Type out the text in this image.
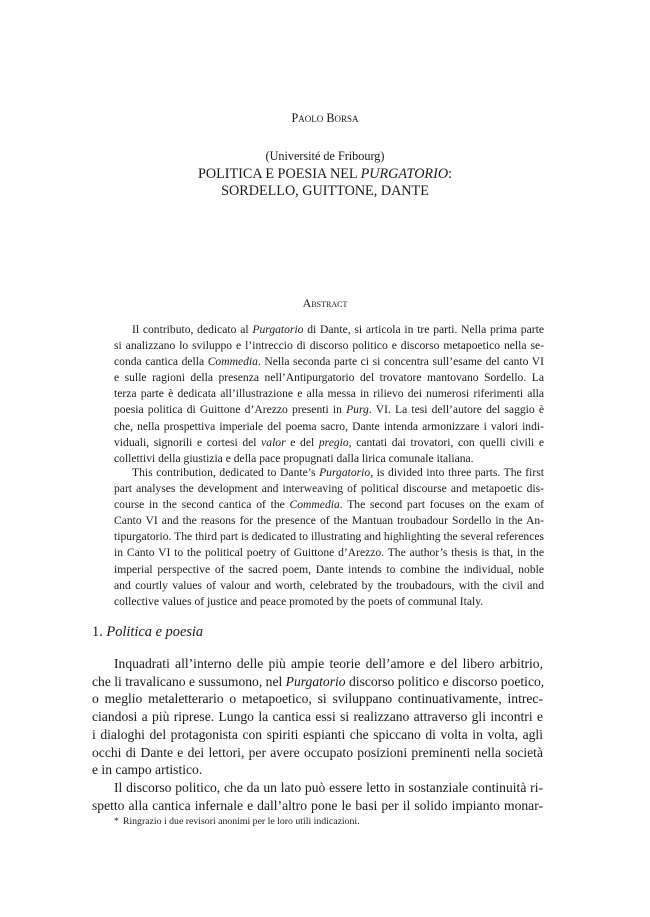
Paolo Borsa
(Université de Fribourg)
POLITICA E POESIA NEL PURGATORIO:
SORDELLO, GUITTONE, DANTE
Abstract
Il contributo, dedicato al Purgatorio di Dante, si articola in tre parti. Nella prima parte
si analizzano lo sviluppo e l’intreccio di discorso politico e discorso metapoetico nella se-
conda cantica della Commedia. Nella seconda parte ci si concentra sull’esame del canto VI
e sulle ragioni della presenza nell’Antipurgatorio del trovatore mantovano Sordello. La
terza parte è dedicata all’illustrazione e alla messa in rilievo dei numerosi riferimenti alla
poesia politica di Guittone d’Arezzo presenti in Purg. VI. La tesi dell’autore del saggio è
che, nella prospettiva imperiale del poema sacro, Dante intenda armonizzare i valori indi-
viduali, signorili e cortesi del valor e del pregio, cantati dai trovatori, con quelli civili e
collettivi della giustizia e della pace propugnati dalla lirica comunale italiana.
This contribution, dedicated to Dante’s Purgatorio, is divided into three parts. The first
part analyses the development and interweaving of political discourse and metapoetic dis-
course in the second cantica of the Commedia. The second part focuses on the exam of
Canto VI and the reasons for the presence of the Mantuan troubadour Sordello in the An-
tipurgatorio. The third part is dedicated to illustrating and highlighting the several references
in Canto VI to the political poetry of Guittone d’Arezzo. The author’s thesis is that, in the
imperial perspective of the sacred poem, Dante intends to combine the individual, noble
and courtly values of valour and worth, celebrated by the troubadours, with the civil and
collective values of justice and peace promoted by the poets of communal Italy.
1. Politica e poesia
Inquadrati all’interno delle più ampie teorie dell’amore e del libero arbitrio,
che li travalicano e sussumono, nel Purgatorio discorso politico e discorso poetico,
o meglio metaletterario o metapoetico, si sviluppano continuativamente, intrec-
ciandosi a più riprese. Lungo la cantica essi si realizzano attraverso gli incontri e
i dialoghi del protagonista con spiriti espianti che spiccano di volta in volta, agli
occhi di Dante e dei lettori, per avere occupato posizioni preminenti nella società
e in campo artistico.
Il discorso politico, che da un lato può essere letto in sostanziale continuità ri-
spetto alla cantica infernale e dall’altro pone le basi per il solido impianto monar-
* Ringrazio i due revisori anonimi per le loro utili indicazioni.
